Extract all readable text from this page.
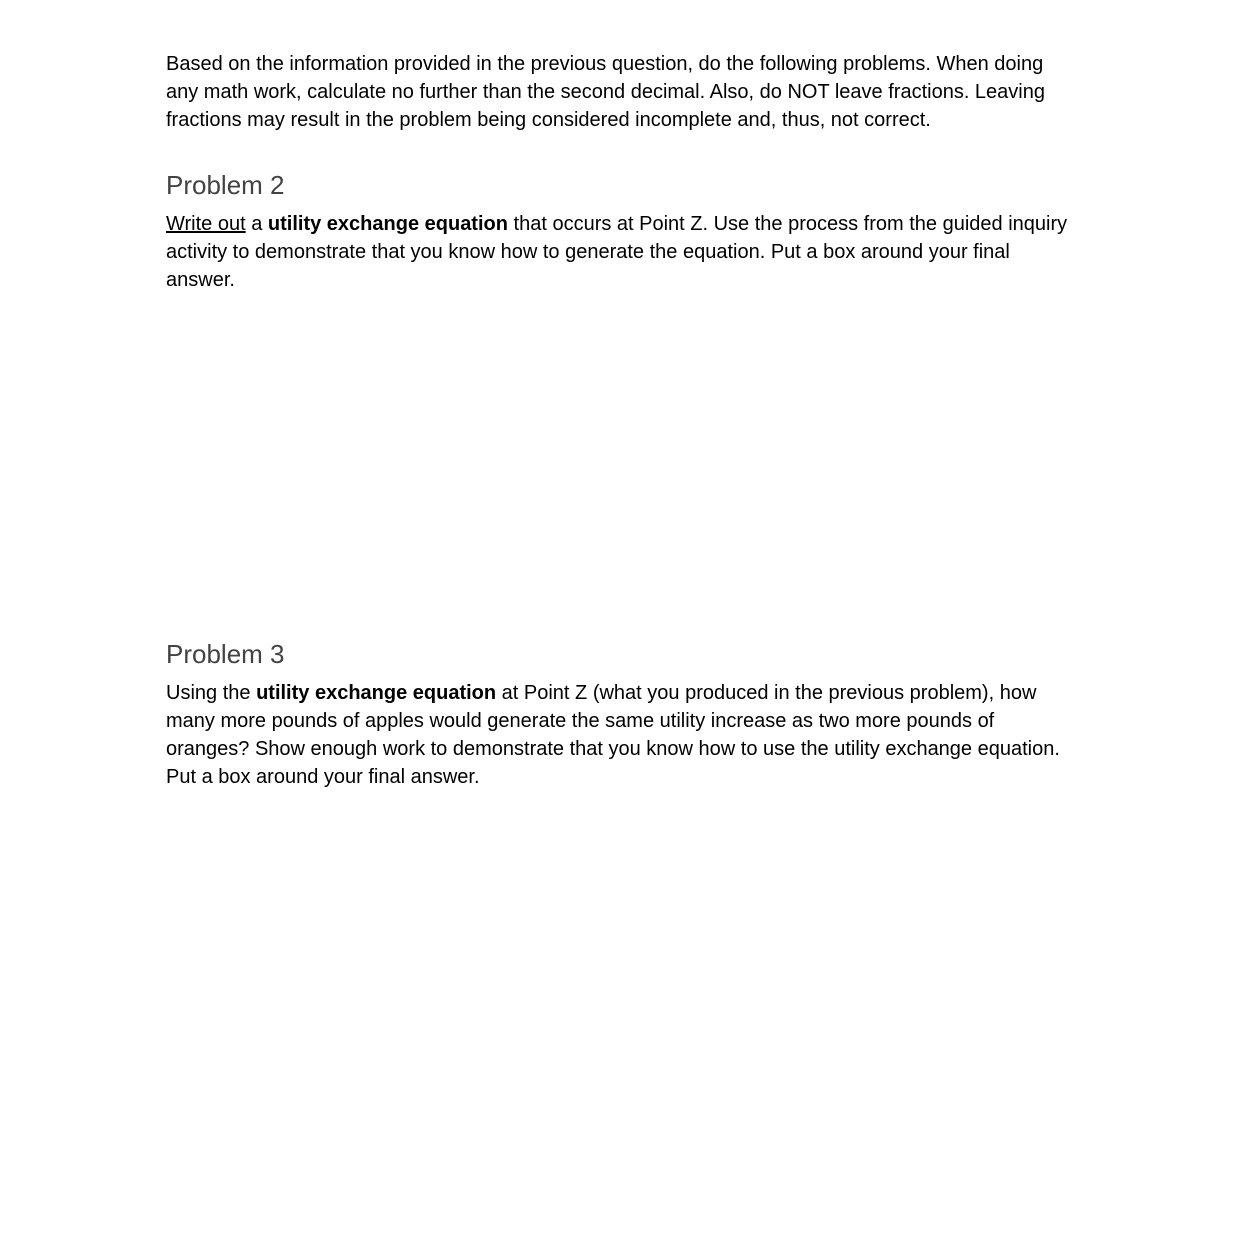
Based on the information provided in the previous question, do the following problems. When doing any math work, calculate no further than the second decimal. Also, do NOT leave fractions. Leaving fractions may result in the problem being considered incomplete and, thus, not correct.

Problem 2

Write out a utility exchange equation that occurs at Point Z. Use the process from the guided inquiry activity to demonstrate that you know how to generate the equation. Put a box around your final answer.

Problem 3

Using the utility exchange equation at Point Z (what you produced in the previous problem), how many more pounds of apples would generate the same utility increase as two more pounds of oranges? Show enough work to demonstrate that you know how to use the utility exchange equation. Put a box around your final answer.
